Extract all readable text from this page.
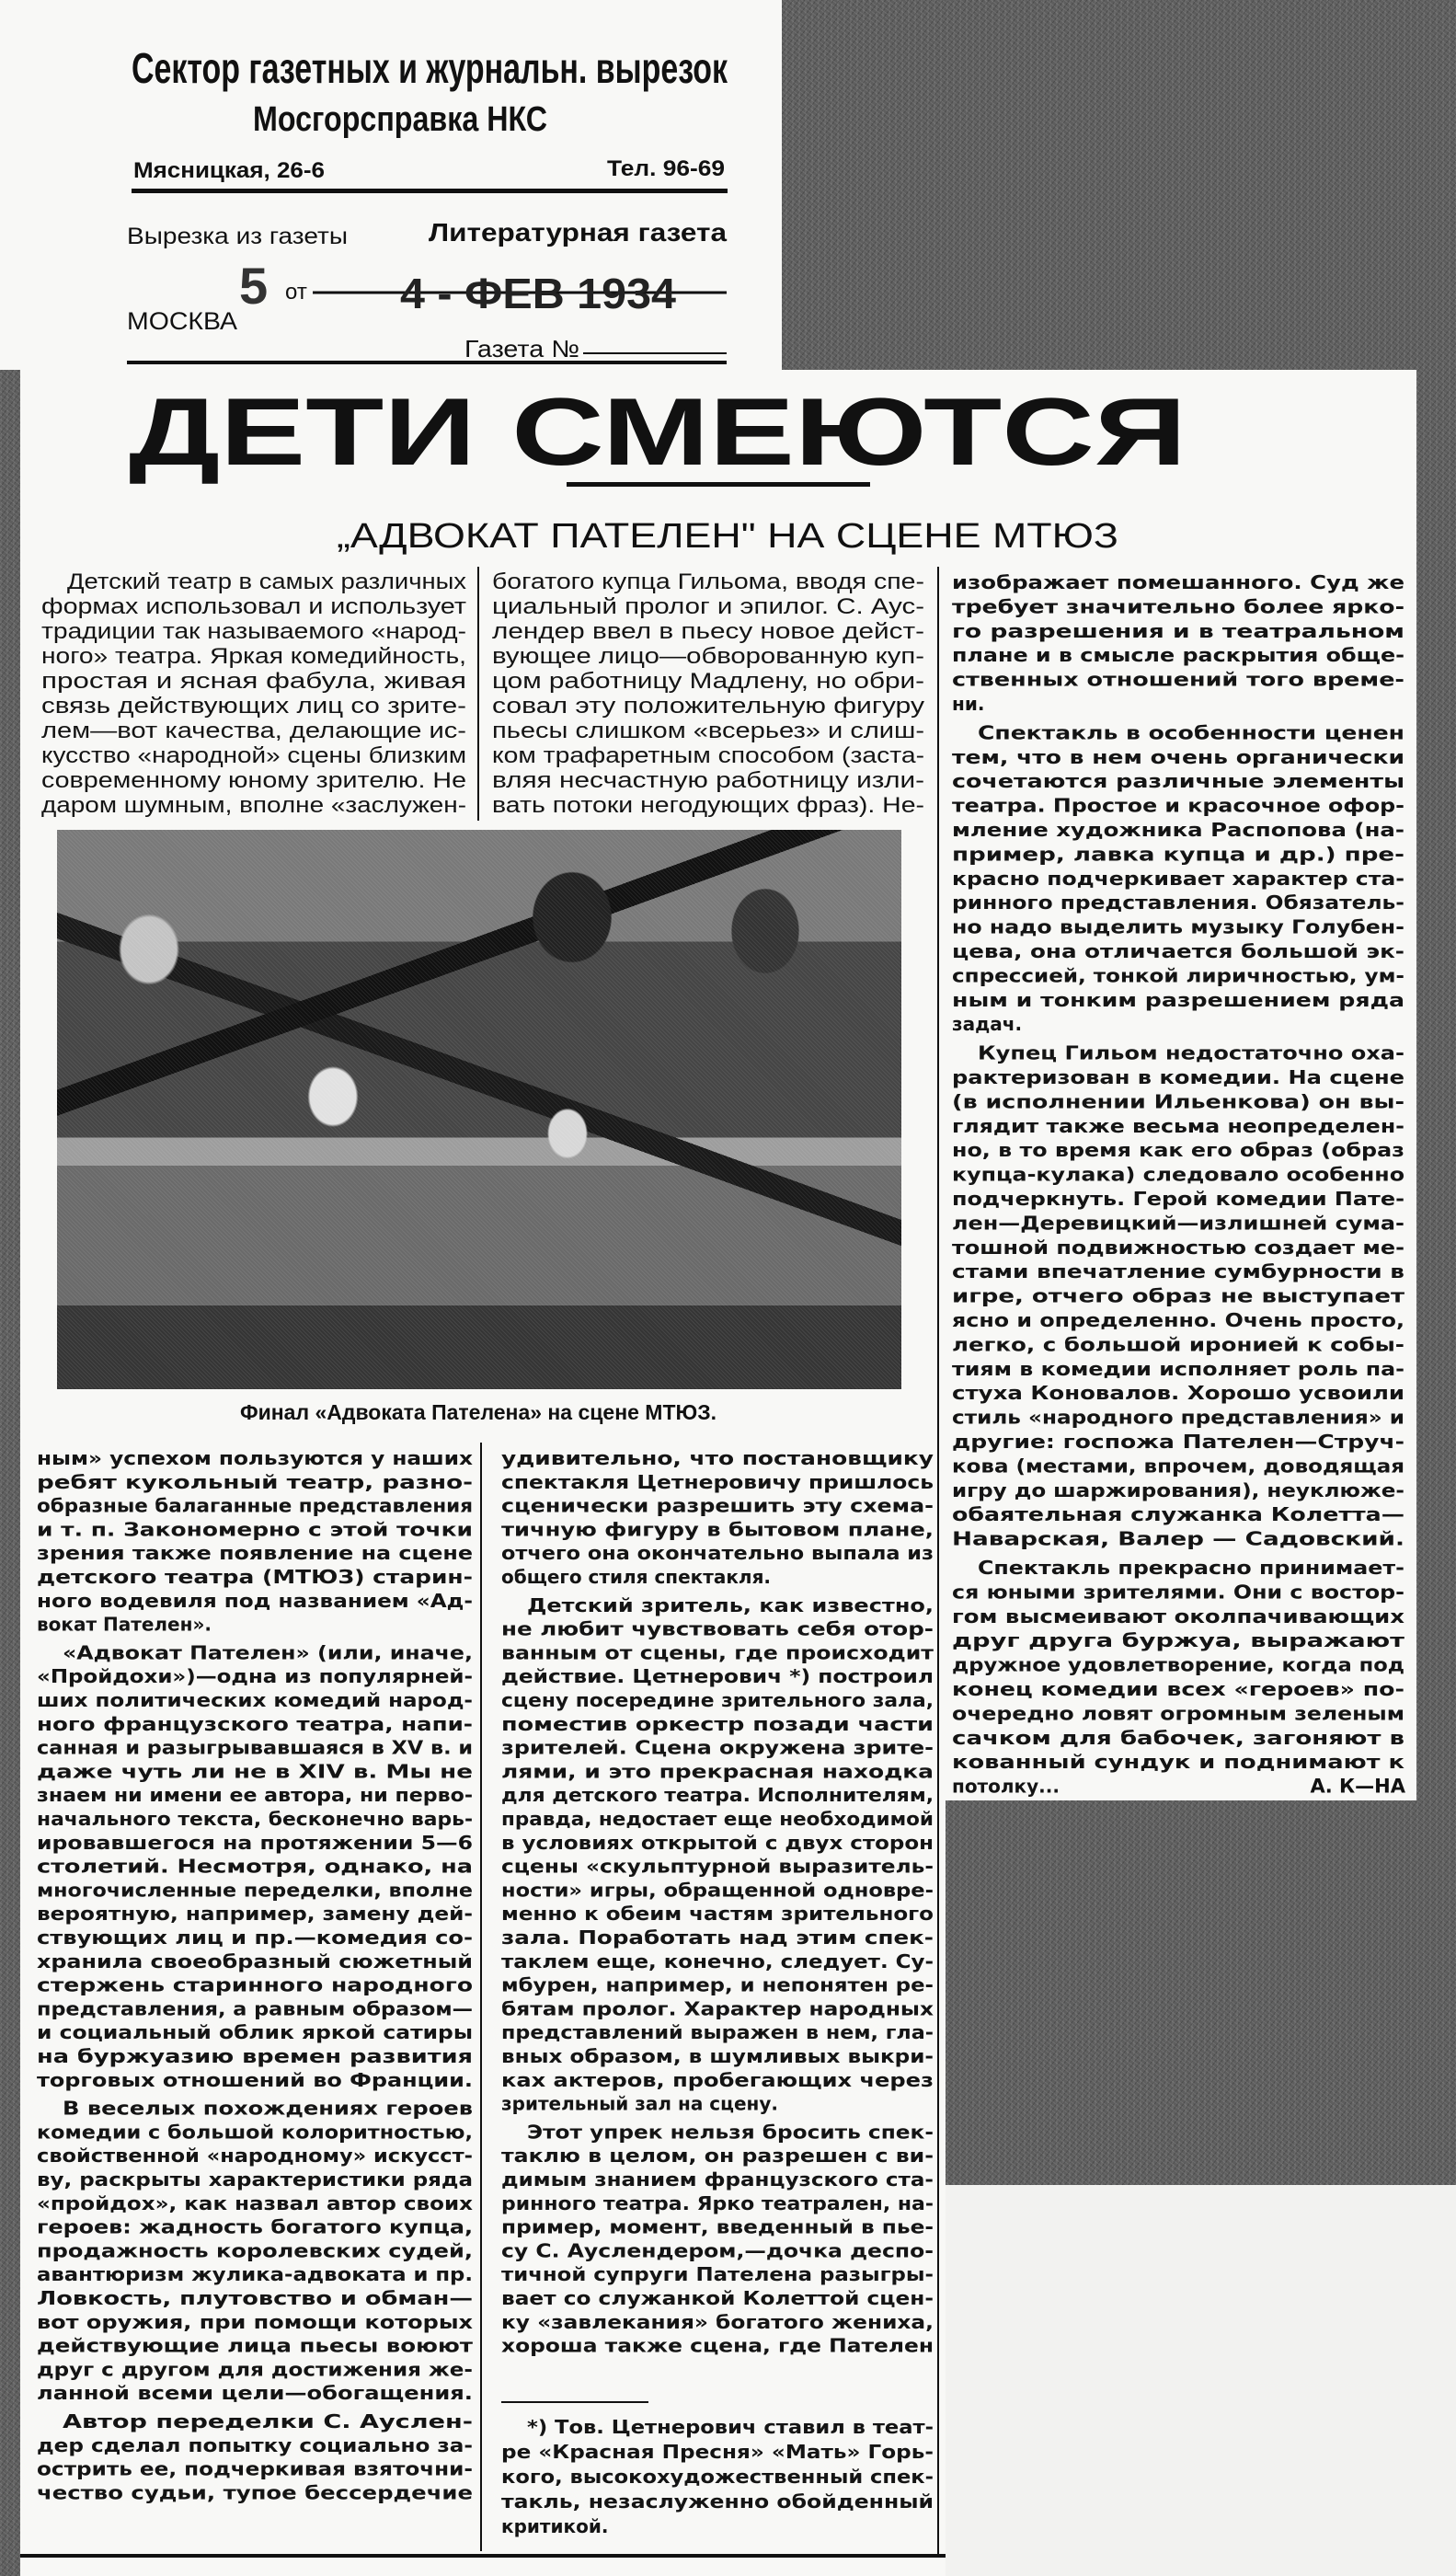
Сектор газетных и журнальн. вырезок
Мосгорсправка НКС
Мясницкая, 26-6	Тел. 96-69
Вырезка из газеты	Литературная газета
5 от 4 - ФЕВ 1934
МОСКВА
Газета №
ДЕТИ СМЕЮТСЯ
„АДВОКАТ ПАТЕЛЕН" НА СЦЕНЕ МТЮЗ
Финал «Адвоката Пателена» на сцене МТЮЗ.
А. К—НА
Детский театр в самых различных
формах использовал и использует
традиции так называемого «народ-
ного» театра. Яркая комедийность,
простая и ясная фабула, живая
связь действующих лиц со зрите-
лем—вот качества, делающие ис-
кусство «народной» сцены близким
современному юному зрителю. Не
даром шумным, вполне «заслужен-
богатого купца Гильома, вводя спе-
циальный пролог и эпилог. С. Аус-
лендер ввел в пьесу новое дейст-
вующее лицо—обворованную куп-
цом работницу Мадлену, но обри-
совал эту положительную фигуру
пьесы слишком «всерьез» и слиш-
ком трафаретным способом (заста-
вляя несчастную работницу изли-
вать потоки негодующих фраз). Не-
изображает помешанного. Суд же
требует значительно более ярко-
го разрешения и в театральном
плане и в смысле раскрытия обще-
ственных отношений того време-
ни.
Спектакль в особенности ценен
тем, что в нем очень органически
сочетаются различные элементы
театра. Простое и красочное офор-
мление художника Распопова (на-
пример, лавка купца и др.) пре-
красно подчеркивает характер ста-
ринного представления. Обязатель-
но надо выделить музыку Голубен-
цева, она отличается большой эк-
спрессией, тонкой лиричностью, ум-
ным и тонким разрешением ряда
задач.
Купец Гильом недостаточно оха-
рактеризован в комедии. На сцене
(в исполнении Ильенкова) он вы-
глядит также весьма неопределен-
но, в то время как его образ (образ
купца-кулака) следовало особенно
подчеркнуть. Герой комедии Пате-
лен—Деревицкий—излишней сума-
тошной подвижностью создает ме-
стами впечатление сумбурности в
игре, отчего образ не выступает
ясно и определенно. Очень просто,
легко, с большой иронией к собы-
тиям в комедии исполняет роль па-
стуха Коновалов. Хорошо усвоили
стиль «народного представления» и
другие: госпожа Пателен—Струч-
кова (местами, впрочем, доводящая
игру до шаржирования), неуклюже-
обаятельная служанка Колетта—
Наварская, Валер — Садовский.
Спектакль прекрасно принимает-
ся юными зрителями. Они с востор-
гом высмеивают околпачивающих
друг друга буржуа, выражают
дружное удовлетворение, когда под
конец комедии всех «героев» по-
очередно ловят огромным зеленым
сачком для бабочек, загоняют в
кованный сундук и поднимают к
потолку...
ным» успехом пользуются у наших
ребят кукольный театр, разно-
образные балаганные представления
и т. п. Закономерно с этой точки
зрения также появление на сцене
детского театра (МТЮЗ) старин-
ного водевиля под названием «Ад-
вокат Пателен».
«Адвокат Пателен» (или, иначе,
«Пройдохи»)—одна из популярней-
ших политических комедий народ-
ного французского театра, напи-
санная и разыгрывавшаяся в XV в. и
даже чуть ли не в XIV в. Мы не
знаем ни имени ее автора, ни перво-
начального текста, бесконечно варь-
ировавшегося на протяжении 5—6
столетий. Несмотря, однако, на
многочисленные переделки, вполне
вероятную, например, замену дей-
ствующих лиц и пр.—комедия со-
хранила своеобразный сюжетный
стержень старинного народного
представления, а равным образом—
и социальный облик яркой сатиры
на буржуазию времен развития
торговых отношений во Франции.
В веселых похождениях героев
комедии с большой колоритностью,
свойственной «народному» искусст-
ву, раскрыты характеристики ряда
«пройдох», как назвал автор своих
героев: жадность богатого купца,
продажность королевских судей,
авантюризм жулика-адвоката и пр.
Ловкость, плутовство и обман—
вот оружия, при помощи которых
действующие лица пьесы воюют
друг с другом для достижения же-
ланной всеми цели—обогащения.
Автор переделки С. Ауслен-
дер сделал попытку социально за-
острить ее, подчеркивая взяточни-
чество судьи, тупое бессердечие
удивительно, что постановщику
спектакля Цетнеровичу пришлось
сценически разрешить эту схема-
тичную фигуру в бытовом плане,
отчего она окончательно выпала из
общего стиля спектакля.
Детский зритель, как известно,
не любит чувствовать себя отор-
ванным от сцены, где происходит
действие. Цетнерович *) построил
сцену посередине зрительного зала,
поместив оркестр позади части
зрителей. Сцена окружена зрите-
лями, и это прекрасная находка
для детского театра. Исполнителям,
правда, недостает еще необходимой
в условиях открытой с двух сторон
сцены «скульптурной выразитель-
ности» игры, обращенной одновре-
менно к обеим частям зрительного
зала. Поработать над этим спек-
таклем еще, конечно, следует. Су-
мбурен, например, и непонятен ре-
бятам пролог. Характер народных
представлений выражен в нем, гла-
вных образом, в шумливых выкри-
ках актеров, пробегающих через
зрительный зал на сцену.
Этот упрек нельзя бросить спек-
таклю в целом, он разрешен с ви-
димым знанием французского ста-
ринного театра. Ярко театрален, на-
пример, момент, введенный в пье-
су С. Ауслендером,—дочка деспо-
тичной супруги Пателена разыгры-
вает со служанкой Колеттой сцен-
ку «завлекания» богатого жениха,
хороша также сцена, где Пателен
*) Тов. Цетнерович ставил в теат-
ре «Красная Пресня» «Мать» Горь-
кого, высокохудожественный спек-
такль, незаслуженно обойденный
критикой.
